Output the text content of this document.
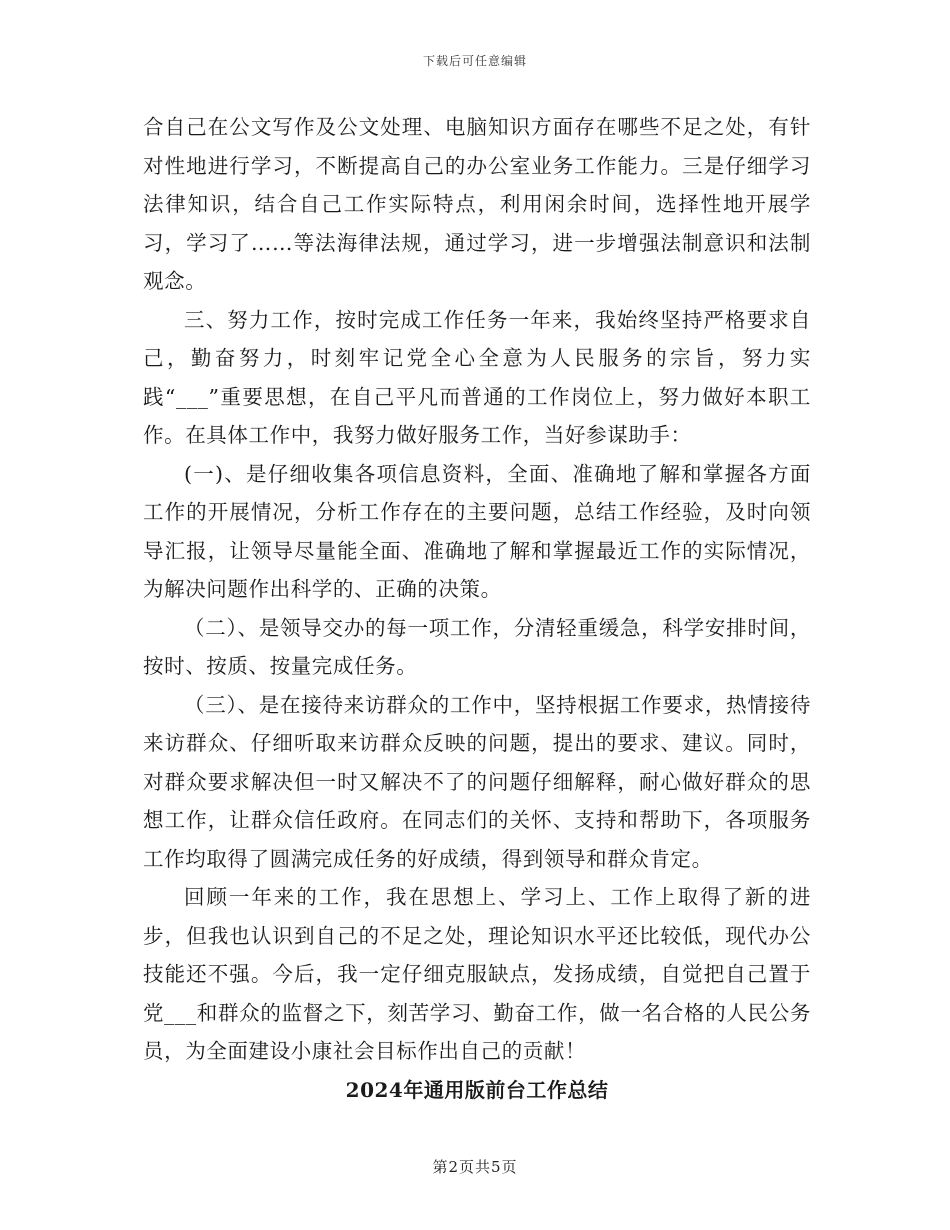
下载后可任意编辑

合自己在公文写作及公文处理、电脑知识方面存在哪些不足之处，有针对性地进行学习，不断提高自己的办公室业务工作能力。三是仔细学习法律知识，结合自己工作实际特点，利用闲余时间，选择性地开展学习，学习了……等法海律法规，通过学习，进一步增强法制意识和法制观念。

三、努力工作，按时完成工作任务一年来，我始终坚持严格要求自己，勤奋努力，时刻牢记党全心全意为人民服务的宗旨，努力实践“___”重要思想，在自己平凡而普通的工作岗位上，努力做好本职工作。在具体工作中，我努力做好服务工作，当好参谋助手：

(一)、是仔细收集各项信息资料，全面、准确地了解和掌握各方面工作的开展情况，分析工作存在的主要问题，总结工作经验，及时向领导汇报，让领导尽量能全面、准确地了解和掌握最近工作的实际情况，为解决问题作出科学的、正确的决策。

（二）、是领导交办的每一项工作，分清轻重缓急，科学安排时间，按时、按质、按量完成任务。

（三）、是在接待来访群众的工作中，坚持根据工作要求，热情接待来访群众、仔细听取来访群众反映的问题，提出的要求、建议。同时，对群众要求解决但一时又解决不了的问题仔细解释，耐心做好群众的思想工作，让群众信任政府。在同志们的关怀、支持和帮助下，各项服务工作均取得了圆满完成任务的好成绩，得到领导和群众肯定。

回顾一年来的工作，我在思想上、学习上、工作上取得了新的进步，但我也认识到自己的不足之处，理论知识水平还比较低，现代办公技能还不强。今后，我一定仔细克服缺点，发扬成绩，自觉把自己置于党___和群众的监督之下，刻苦学习、勤奋工作，做一名合格的人民公务员，为全面建设小康社会目标作出自己的贡献！

2024年通用版前台工作总结

第2页共5页
